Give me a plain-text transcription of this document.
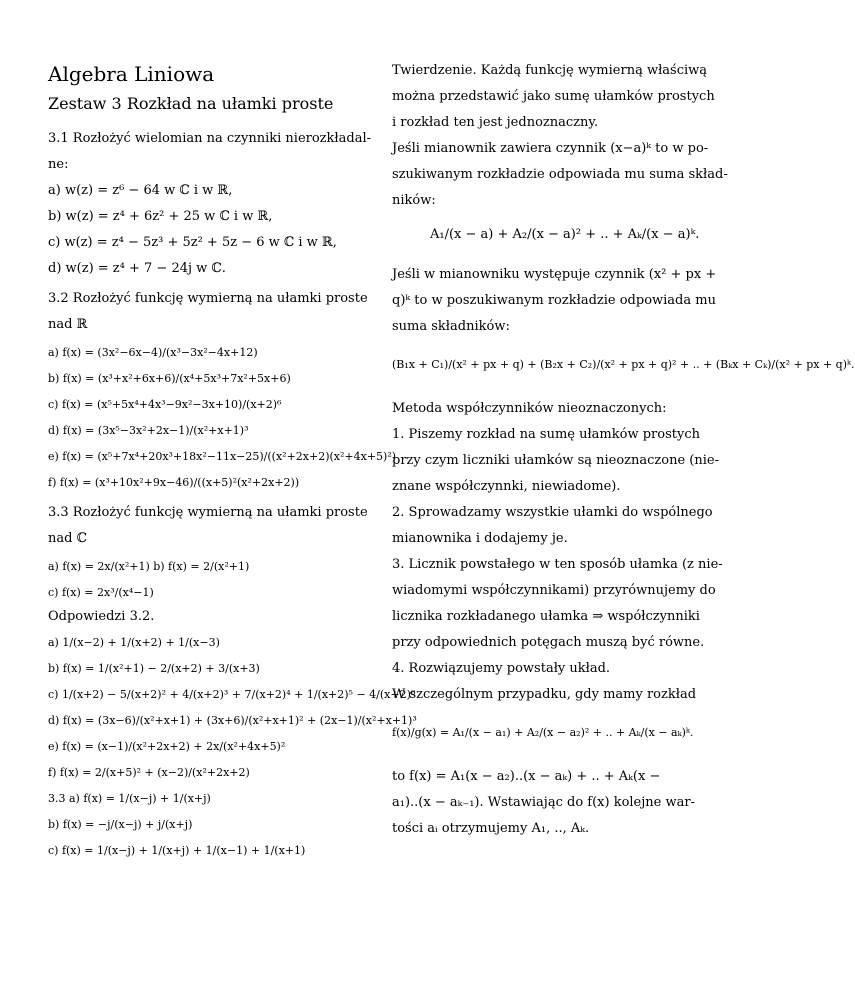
Algebra Liniowa
Zestaw 3 Rozkład na ułamki proste
3.1 Rozłożyć wielomian na czynniki nierozkładal-
ne:
a) w(z) = z⁶ − 64 w ℂ i w ℝ,
b) w(z) = z⁴ + 6z² + 25 w ℂ i w ℝ,
c) w(z) = z⁴ − 5z³ + 5z² + 5z − 6 w ℂ i w ℝ,
d) w(z) = z⁴ + 7 − 24j w ℂ.
3.2 Rozłożyć funkcję wymierną na ułamki proste
nad ℝ
a) f(x) = (3x²−6x−4)/(x³−3x²−4x+12)
b) f(x) = (x³+x²+6x+6)/(x⁴+5x³+7x²+5x+6)
c) f(x) = (x⁵+5x⁴+4x³−9x²−3x+10)/(x+2)⁶
d) f(x) = (3x⁵−3x²+2x−1)/(x²+x+1)³
e) f(x) = (x⁵+7x⁴+20x³+18x²−11x−25)/((x²+2x+2)(x²+4x+5)²)
f) f(x) = (x³+10x²+9x−46)/((x+5)²(x²+2x+2))
3.3 Rozłożyć funkcję wymierną na ułamki proste
nad ℂ
a) f(x) = 2x/(x²+1) b) f(x) = 2/(x²+1)
c) f(x) = 2x³/(x⁴−1)
Odpowiedzi 3.2.
a) 1/(x−2) + 1/(x+2) + 1/(x−3)
b) f(x) = 1/(x²+1) − 2/(x+2) + 3/(x+3)
c) 1/(x+2) − 5/(x+2)² + 4/(x+2)³ + 7/(x+2)⁴ + 1/(x+2)⁵ − 4/(x+2)⁶
d) f(x) = (3x−6)/(x²+x+1) + (3x+6)/(x²+x+1)² + (2x−1)/(x²+x+1)³
e) f(x) = (x−1)/(x²+2x+2) + 2x/(x²+4x+5)²
f) f(x) = 2/(x+5)² + (x−2)/(x²+2x+2)
3.3 a) f(x) = 1/(x−j) + 1/(x+j)
b) f(x) = −j/(x−j) + j/(x+j)
c) f(x) = 1/(x−j) + 1/(x+j) + 1/(x−1) + 1/(x+1)
Twierdzenie. Każdą funkcję wymierną właściwą
można przedstawić jako sumę ułamków prostych
i rozkład ten jest jednoznaczny.
Jeśli mianownik zawiera czynnik (x−a)ᵏ to w po-
szukiwanym rozkładzie odpowiada mu suma skład-
ników:
A₁/(x − a) + A₂/(x − a)² + .. + Aₖ/(x − a)ᵏ.
Jeśli w mianowniku występuje czynnik (x² + px +
q)ᵏ to w poszukiwanym rozkładzie odpowiada mu
suma składników:
(B₁x + C₁)/(x² + px + q) + (B₂x + C₂)/(x² + px + q)² + .. + (Bₖx + Cₖ)/(x² + px + q)ᵏ.
Metoda współczynników nieoznaczonych:
1. Piszemy rozkład na sumę ułamków prostych
przy czym liczniki ułamków są nieoznaczone (nie-
znane współczynnki, niewiadome).
2. Sprowadzamy wszystkie ułamki do wspólnego
mianownika i dodajemy je.
3. Licznik powstałego w ten sposób ułamka (z nie-
wiadomymi współczynnikami) przyrównujemy do
licznika rozkładanego ułamka ⇒ współczynniki
przy odpowiednich potęgach muszą być równe.
4. Rozwiązujemy powstały układ.
W szczególnym przypadku, gdy mamy rozkład
f(x)/g(x) = A₁/(x − a₁) + A₂/(x − a₂)² + .. + Aₖ/(x − aₖ)ᵏ.
to f(x) = A₁(x − a₂)..(x − aₖ) + .. + Aₖ(x −
a₁)..(x − aₖ₋₁). Wstawiając do f(x) kolejne war-
tości aᵢ otrzymujemy A₁, .., Aₖ.
